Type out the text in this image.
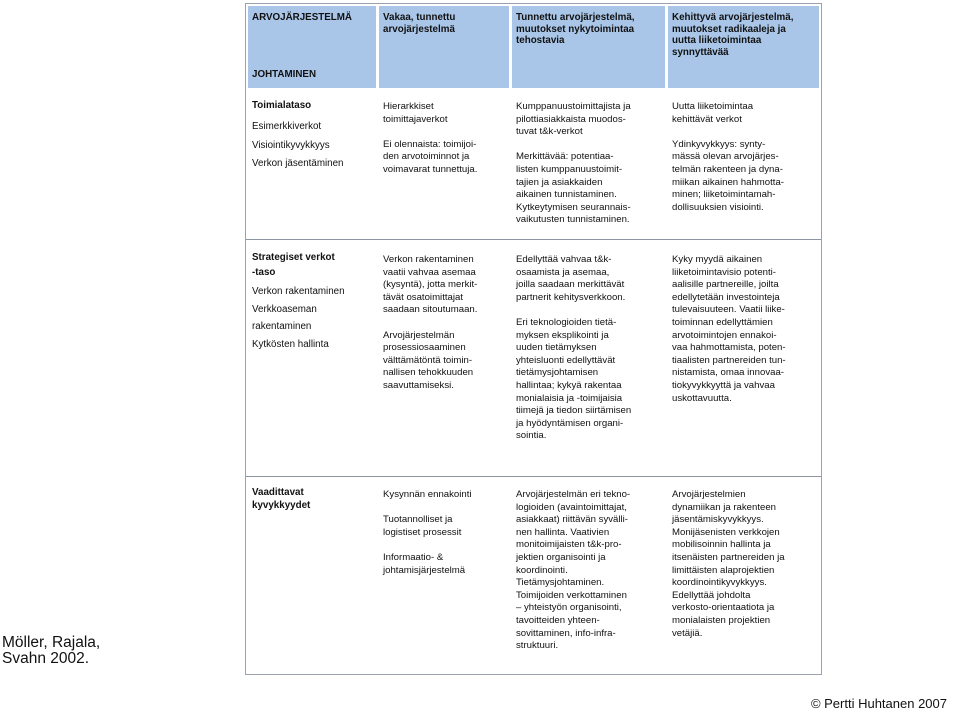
ARVOJÄRJESTELMÄ
JOHTAMINEN
Vakaa, tunnettu
arvojärjestelmä
Tunnettu arvojärjestelmä,
muutokset nykytoimintaa
tehostavia
Kehittyvä arvojärjestelmä,
muutokset radikaaleja ja
uutta liiketoimintaa
synnyttävää
Toimialataso
Esimerkkiverkot
Visiointikyvykkyys
Verkon jäsentäminen
Hierarkkiset
toimittajaverkot

Ei olennaista: toimijoi-
den arvotoiminnot ja
voimavarat tunnettuja.
Kumppanuustoimittajista ja
pilottiasiakkaista muodos-
tuvat t&k-verkot

Merkittävää: potentiaa-
listen kumppanuustoimit-
tajien ja asiakkaiden
aikainen tunnistaminen.
Kytkeytymisen seurannais-
vaikutusten tunnistaminen.
Uutta liiketoimintaa
kehittävät verkot

Ydinkyvykkyys: synty-
mässä olevan arvojärjes-
telmän rakenteen ja dyna-
miikan aikainen hahmotta-
minen; liiketoimintamah-
dollisuuksien visiointi.
Strategiset verkot
-taso
Verkon rakentaminen
Verkkoaseman
rakentaminen
Kytkösten hallinta
Verkon rakentaminen
vaatii vahvaa asemaa
(kysyntä), jotta merkit-
tävät osatoimittajat
saadaan sitoutumaan.

Arvojärjestelmän
prosessiosaaminen
välttämätöntä toimin-
nallisen tehokkuuden
saavuttamiseksi.
Edellyttää vahvaa t&k-
osaamista ja asemaa,
joilla saadaan merkittävät
partnerit kehitysverkkoon.

Eri teknologioiden tietä-
myksen eksplikointi ja
uuden tietämyksen
yhteisluonti edellyttävät
tietämysjohtamisen
hallintaa; kykyä rakentaa
monialaisia ja -toimijaisia
tiimejä ja tiedon siirtämisen
ja hyödyntämisen organi-
sointia.
Kyky myydä aikainen
liiketoimintavisio potenti-
aalisille partnereille, joilta
edellytetään investointeja
tulevaisuuteen. Vaatii liike-
toiminnan edellyttämien
arvotoimintojen ennakoi-
vaa hahmottamista, poten-
tiaalisten partnereiden tun-
nistamista, omaa innovaa-
tiokyvykkyyttä ja vahvaa
uskottavuutta.
Vaadittavat
kyvykkyydet
Kysynnän ennakointi

Tuotannolliset ja
logistiset prosessit

Informaatio- &
johtamisjärjestelmä
Arvojärjestelmän eri tekno-
logioiden (avaintoimittajat,
asiakkaat) riittävän syvälli-
nen hallinta. Vaativien
monitoimijaisten t&k-pro-
jektien organisointi ja
koordinointi.
Tietämysjohtaminen.
Toimijoiden verkottaminen
– yhteistyön organisointi,
tavoitteiden yhteen-
sovittaminen, info-infra-
struktuuri.
Arvojärjestelmien
dynamiikan ja rakenteen
jäsentämiskyvykkyys.
Monijäsenisten verkkojen
mobilisoinnin hallinta ja
itsenäisten partnereiden ja
limittäisten alaprojektien
koordinointikyvykkyys.
Edellyttää johdolta
verkosto-orientaatiota ja
monialaisten projektien
vetäjiä.
Möller, Rajala,
Svahn 2002.
© Pertti Huhtanen 2007
